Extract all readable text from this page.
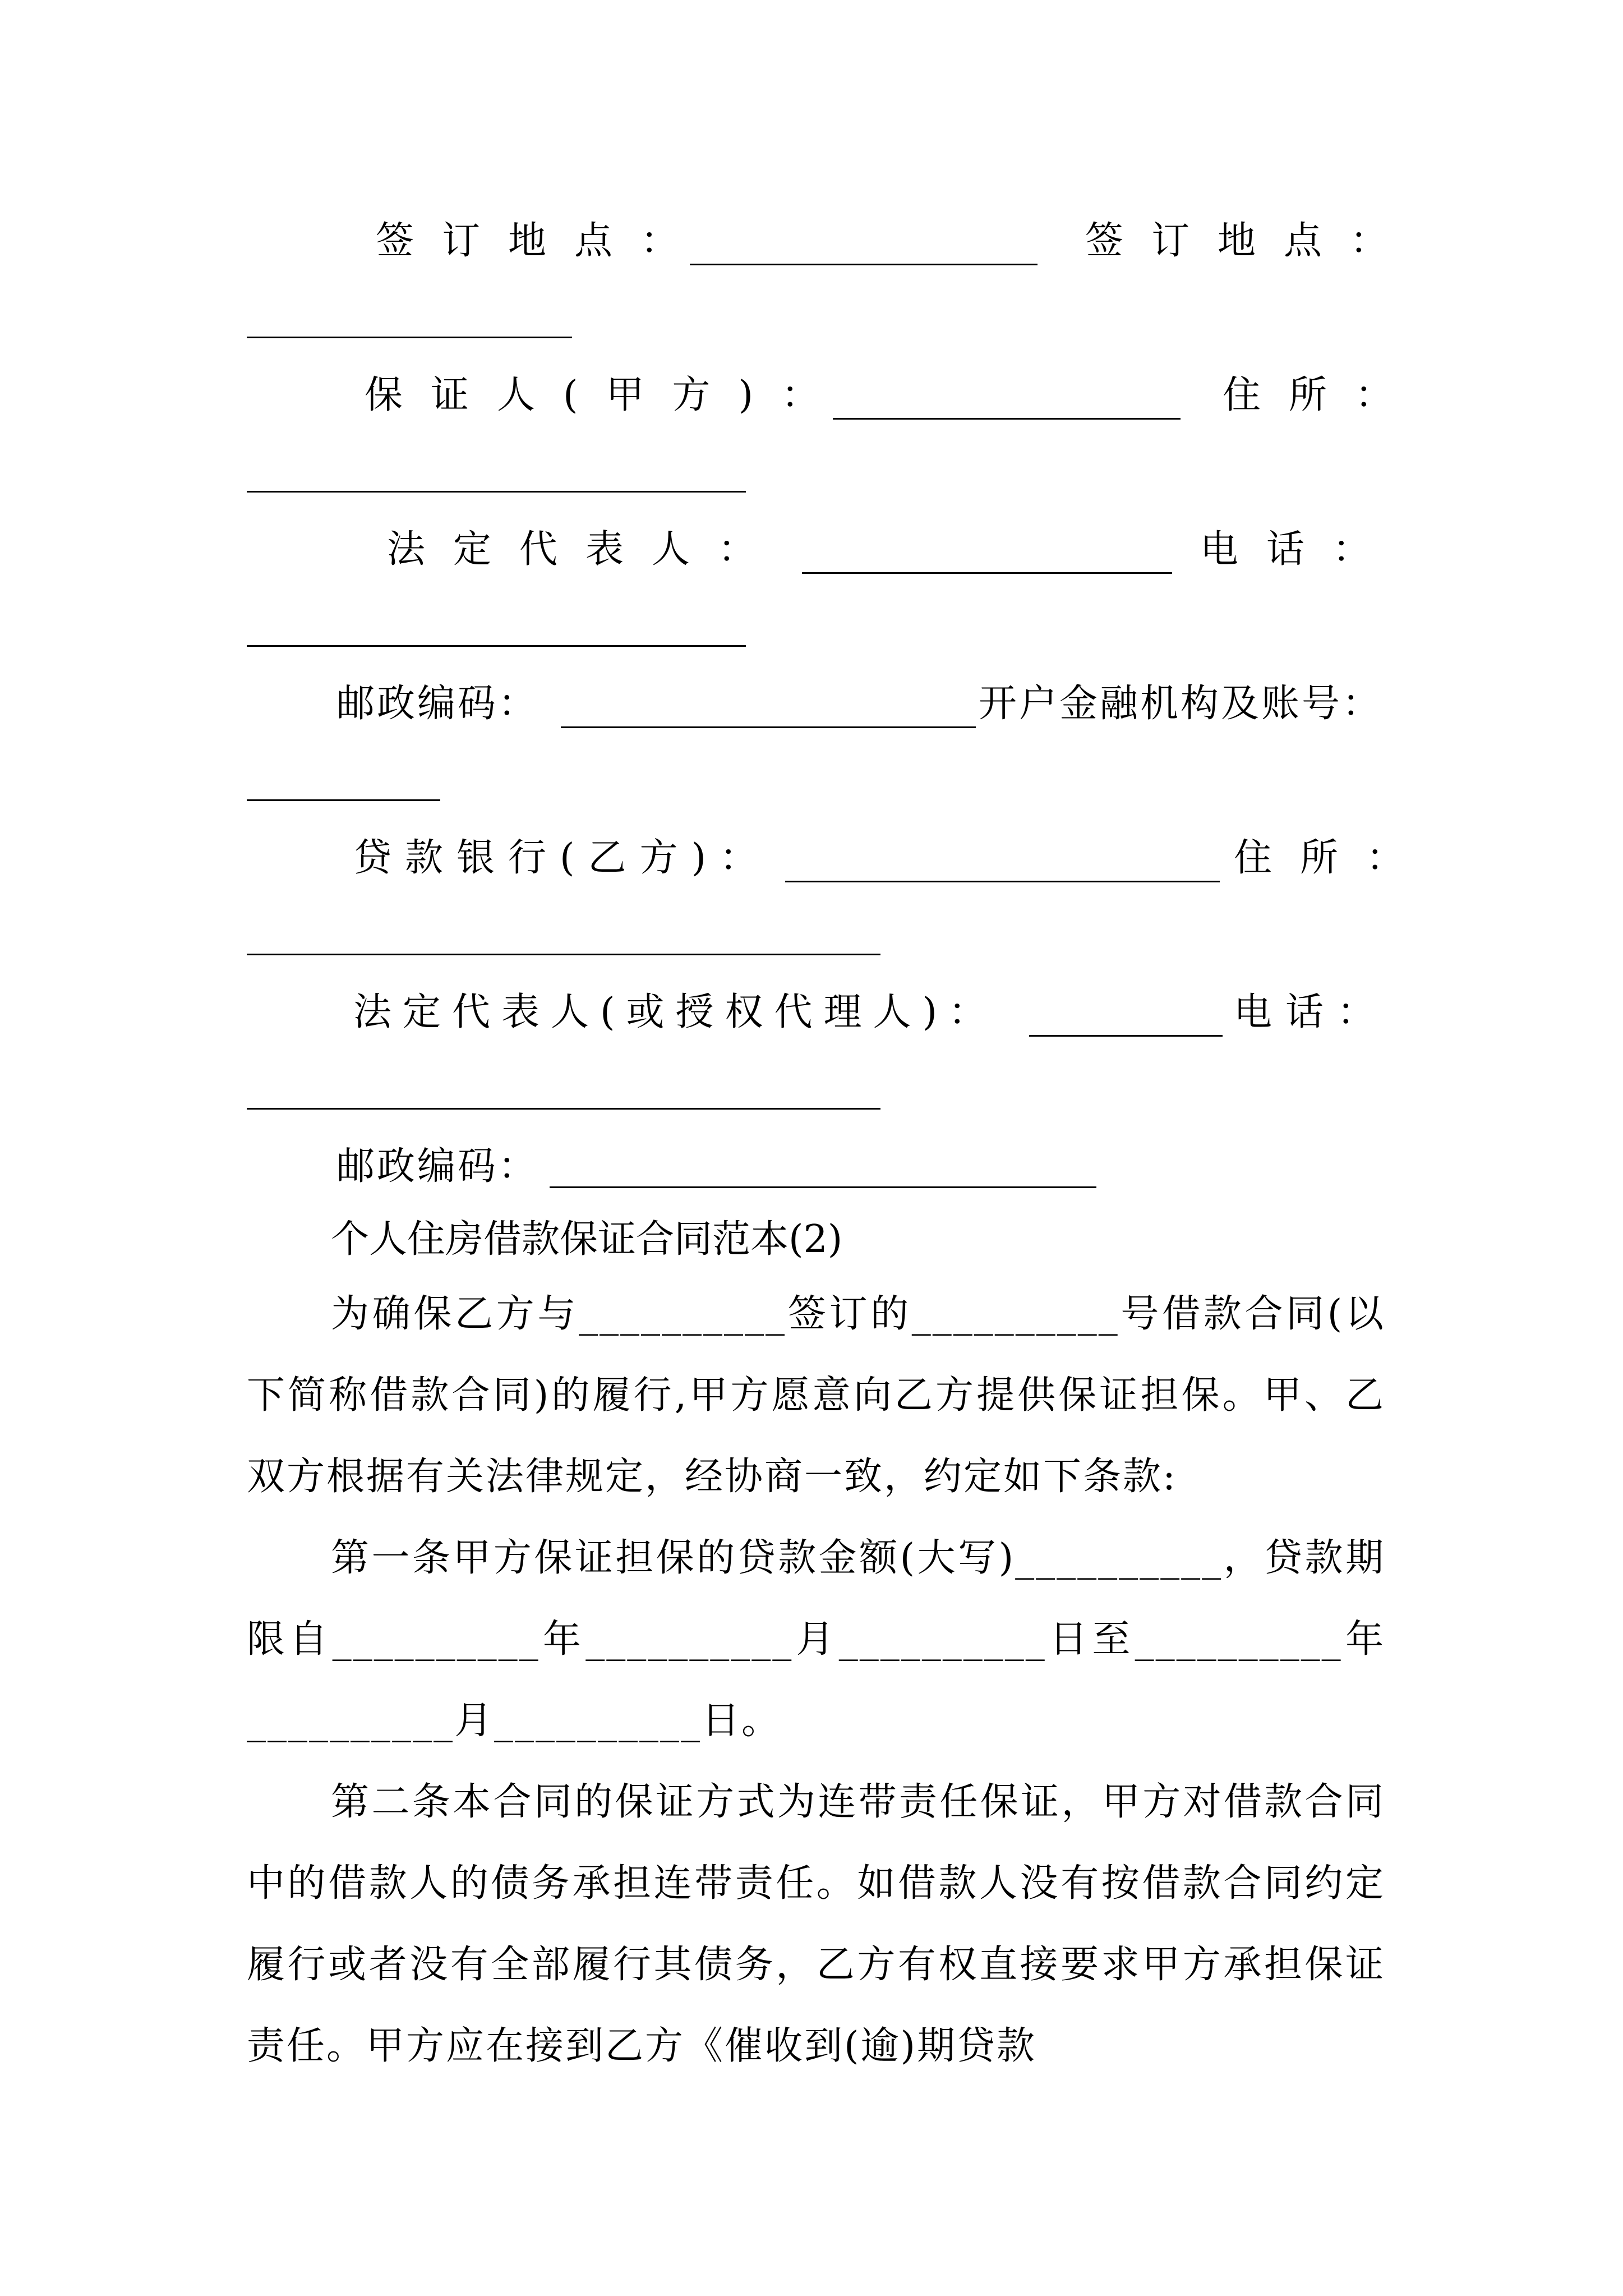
签订地点：	签订地点：
保证人(甲方)：	住所：
法定代表人：	电话：
邮政编码：	开户金融机构及账号：
贷款银行(乙方)：	住所：
法定代表人(或授权代理人)：	电话：
邮政编码：
个人住房借款保证合同范本(2)

为确保乙方与__________签订的__________号借款合同(以下简称借款合同)的履行,甲方愿意向乙方提供保证担保。甲、乙双方根据有关法律规定，经协商一致，约定如下条款:

第一条甲方保证担保的贷款金额(大写)__________，贷款期限自__________年__________月__________日至__________年__________月__________日。

第二条本合同的保证方式为连带责任保证，甲方对借款合同中的借款人的债务承担连带责任。如借款人没有按借款合同约定履行或者没有全部履行其债务，乙方有权直接要求甲方承担保证责任。甲方应在接到乙方《催收到(逾)期贷款
